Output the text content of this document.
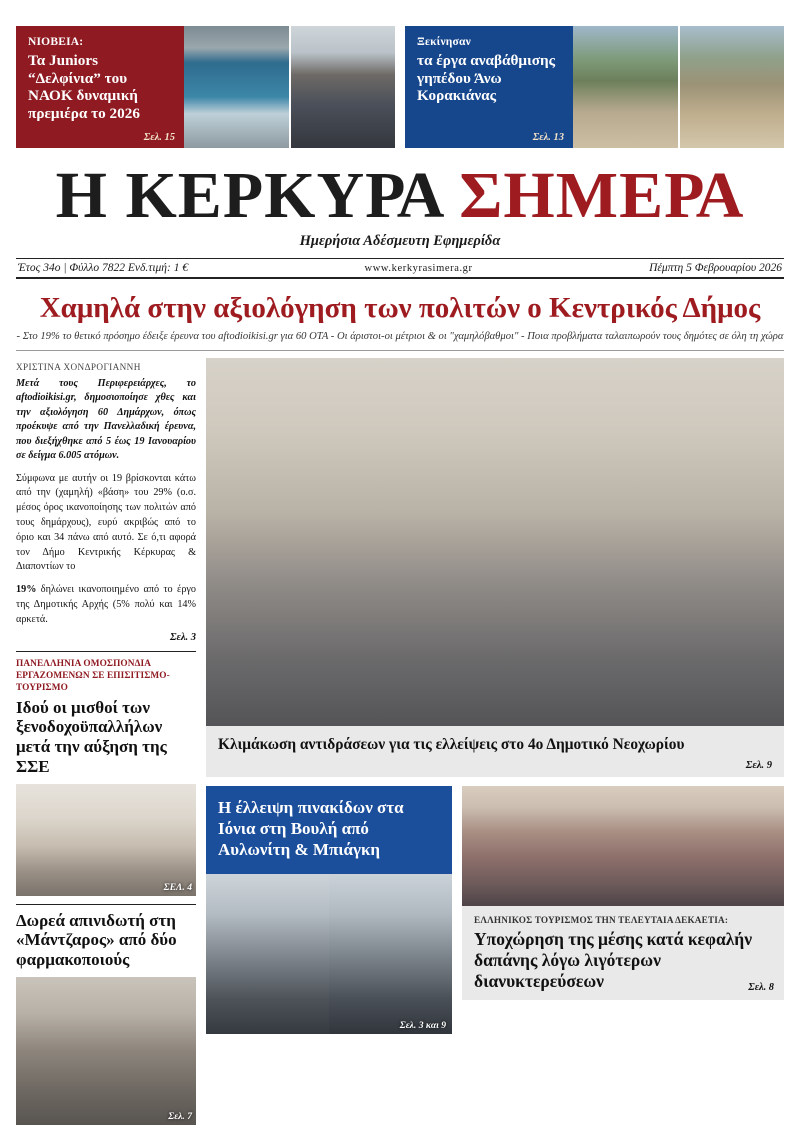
ΝΙΟΒΕΙΑ:
Τα Juniors “Δελφίνια” του ΝΑΟΚ δυναμική πρεμιέρα το 2026
Σελ. 15
Ξεκίνησαν
τα έργα αναβάθμισης γηπέδου Άνω Κορακιάνας
Σελ. 13
Η ΚΕΡΚΥΡΑ ΣΗΜΕΡΑ
Ημερήσια Αδέσμευτη Εφημερίδα
Έτος 34ο | Φύλλο 7822 Ενδ.τιμή: 1 €	www.kerkyrasimera.gr	Πέμπτη 5 Φεβρουαρίου 2026
Χαμηλά στην αξιολόγηση των πολιτών ο Κεντρικός Δήμος
- Στο 19% το θετικό πρόσημο έδειξε έρευνα του aftodioikisi.gr για 60 ΟΤΑ - Οι άριστοι-οι μέτριοι & οι "χαμηλόβαθμοι" - Ποια προβλήματα ταλαιπωρούν τους δημότες σε όλη τη χώρα
ΧΡΙΣΤΙΝΑ ΧΟΝΔΡΟΓΙΑΝΝΗ
Μετά τους Περιφερειάρχες, το aftodioikisi.gr, δημοσιοποίησε χθες και την αξιολόγηση 60 Δημάρχων, όπως προέκυψε από την Πανελλαδική έρευνα, που διεξήχθηκε από 5 έως 19 Ιανουαρίου σε δείγμα 6.005 ατόμων.
Σύμφωνα με αυτήν οι 19 βρίσκονται κάτω από την (χαμηλή) «βάση» του 29% (ο.σ. μέσος όρος ικανοποίησης των πολιτών από τους δημάρχους), ευρύ ακριβώς από το όριο και 34 πάνω από αυτό. Σε ό,τι αφορά τον Δήμο Κεντρικής Κέρκυρας & Διαποντίων το
19% δηλώνει ικανοποιημένο από το έργο της Δημοτικής Αρχής (5% πολύ και 14% αρκετά.
Σελ. 3
ΠΑΝΕΛΛΗΝΙΑ ΟΜΟΣΠΟΝΔΙΑ ΕΡΓΑΖΟΜΕΝΩΝ ΣΕ ΕΠΙΣΙΤΙΣΜΟ-ΤΟΥΡΙΣΜΟ
Ιδού οι μισθοί των ξενοδοχοϋπαλλήλων μετά την αύξηση της ΣΣΕ
ΣΕΛ. 4
Δωρεά απινιδωτή στη «Μάντζαρος» από δύο φαρμακοποιούς
Σελ. 7
Κλιμάκωση αντιδράσεων για τις ελλείψεις στο 4ο Δημοτικό Νεοχωρίου
Σελ. 9
Η έλλειψη πινακίδων στα Ιόνια στη Βουλή από Αυλωνίτη & Μπιάγκη
Σελ. 3 και 9
ΕΛΛΗΝΙΚΟΣ ΤΟΥΡΙΣΜΟΣ ΤΗΝ ΤΕΛΕΥΤΑΙΑ ΔΕΚΑΕΤΙΑ:
Υποχώρηση της μέσης κατά κεφαλήν δαπάνης λόγω λιγότερων διανυκτερεύσεων	Σελ. 8
